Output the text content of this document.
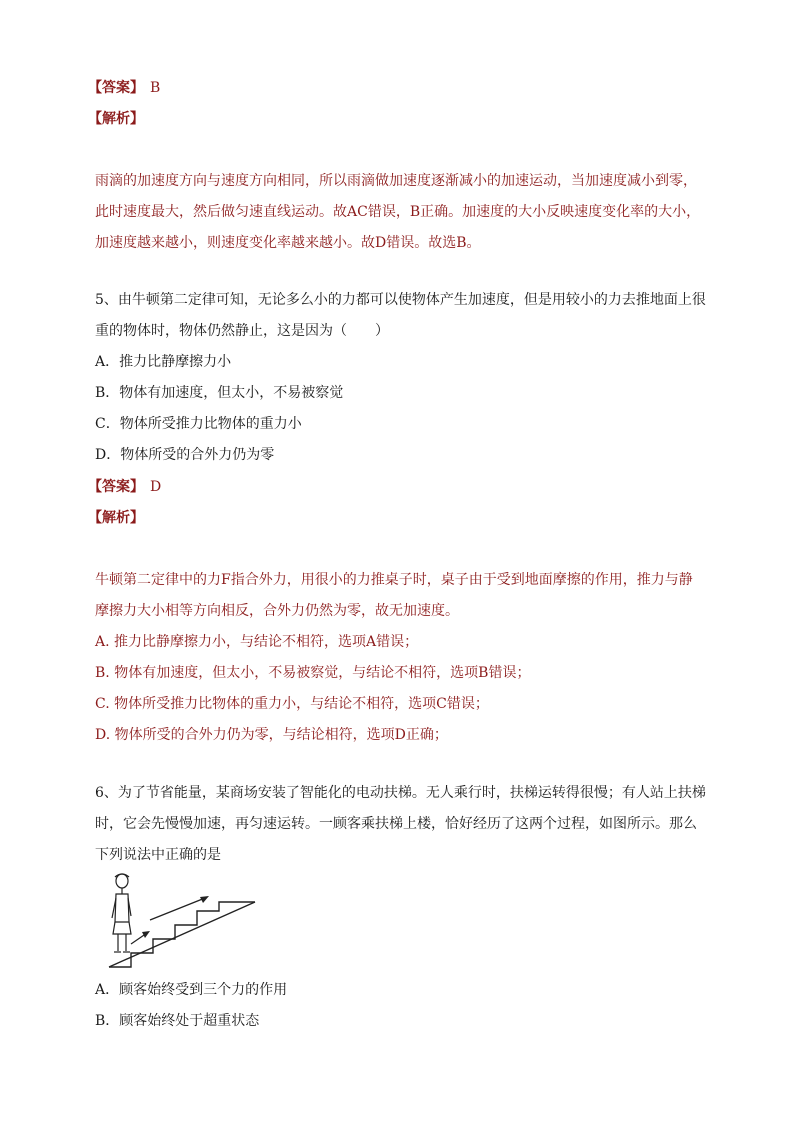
【答案】 B
【解析】
雨滴的加速度方向与速度方向相同，所以雨滴做加速度逐渐减小的加速运动，当加速度减小到零，
此时速度最大，然后做匀速直线运动。故AC错误，B正确。加速度的大小反映速度变化率的大小，
加速度越来越小，则速度变化率越来越小。故D错误。故选B。
5、由牛顿第二定律可知，无论多么小的力都可以使物体产生加速度，但是用较小的力去推地面上很
重的物体时，物体仍然静止，这是因为（　　）
A．推力比静摩擦力小
B．物体有加速度，但太小，不易被察觉
C．物体所受推力比物体的重力小
D．物体所受的合外力仍为零
【答案】 D
【解析】
牛顿第二定律中的力F指合外力，用很小的力推桌子时，桌子由于受到地面摩擦的作用，推力与静
摩擦力大小相等方向相反，合外力仍然为零，故无加速度。
A. 推力比静摩擦力小，与结论不相符，选项A错误；
B. 物体有加速度，但太小，不易被察觉，与结论不相符，选项B错误；
C. 物体所受推力比物体的重力小，与结论不相符，选项C错误；
D. 物体所受的合外力仍为零，与结论相符，选项D正确；
6、为了节省能量，某商场安装了智能化的电动扶梯。无人乘行时，扶梯运转得很慢；有人站上扶梯
时，它会先慢慢加速，再匀速运转。一顾客乘扶梯上楼，恰好经历了这两个过程，如图所示。那么
下列说法中正确的是
A．顾客始终受到三个力的作用
B．顾客始终处于超重状态
